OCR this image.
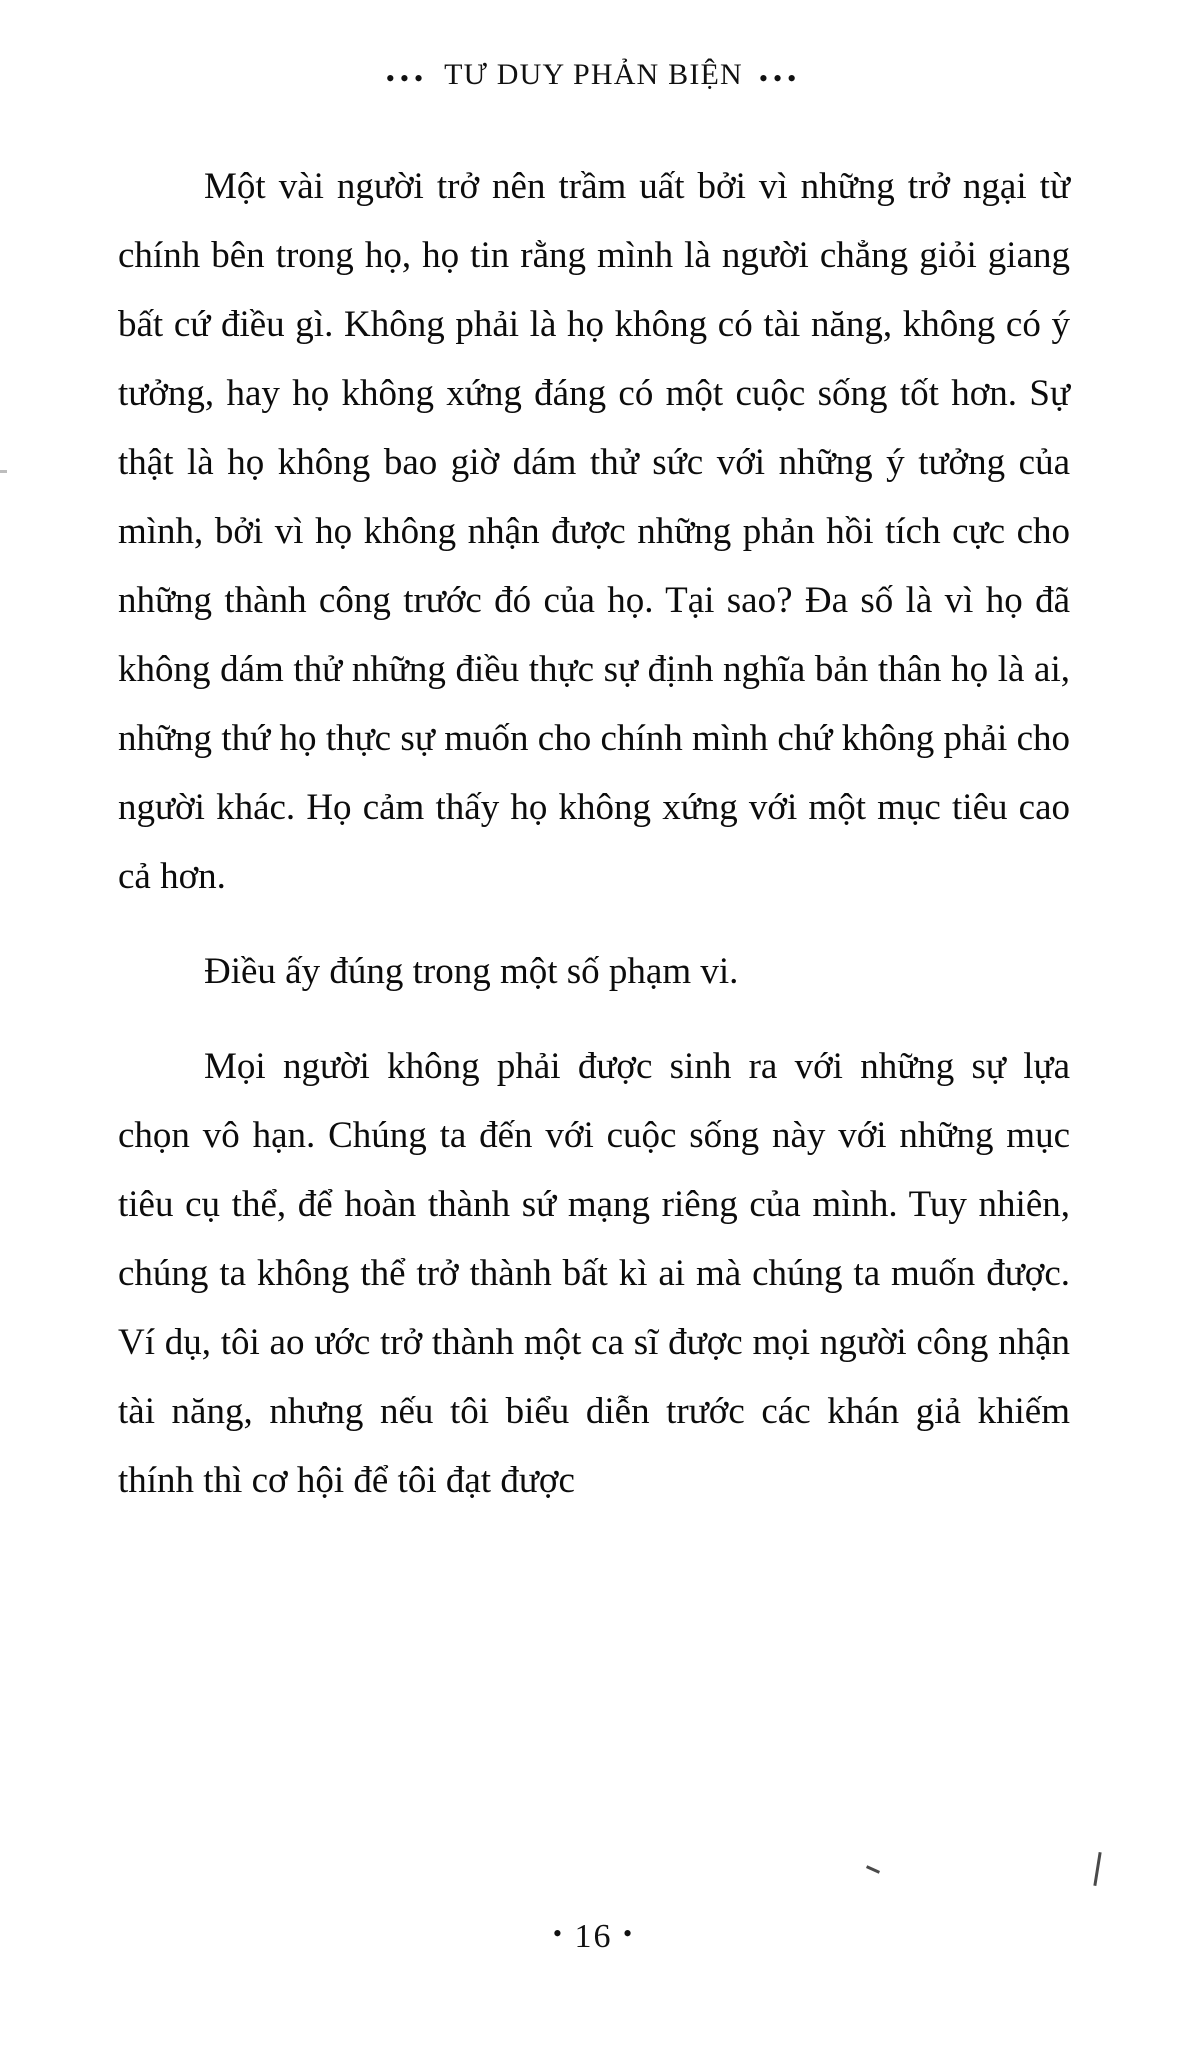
••• TƯ DUY PHẢN BIỆN •••

Một vài người trở nên trầm uất bởi vì những trở ngại từ chính bên trong họ, họ tin rằng mình là người chẳng giỏi giang bất cứ điều gì. Không phải là họ không có tài năng, không có ý tưởng, hay họ không xứng đáng có một cuộc sống tốt hơn. Sự thật là họ không bao giờ dám thử sức với những ý tưởng của mình, bởi vì họ không nhận được những phản hồi tích cực cho những thành công trước đó của họ. Tại sao? Đa số là vì họ đã không dám thử những điều thực sự định nghĩa bản thân họ là ai, những thứ họ thực sự muốn cho chính mình chứ không phải cho người khác. Họ cảm thấy họ không xứng với một mục tiêu cao cả hơn.

Điều ấy đúng trong một số phạm vi.

Mọi người không phải được sinh ra với những sự lựa chọn vô hạn. Chúng ta đến với cuộc sống này với những mục tiêu cụ thể, để hoàn thành sứ mạng riêng của mình. Tuy nhiên, chúng ta không thể trở thành bất kì ai mà chúng ta muốn được. Ví dụ, tôi ao ước trở thành một ca sĩ được mọi người công nhận tài năng, nhưng nếu tôi biểu diễn trước các khán giả khiếm thính thì cơ hội để tôi đạt được

• 16 •
